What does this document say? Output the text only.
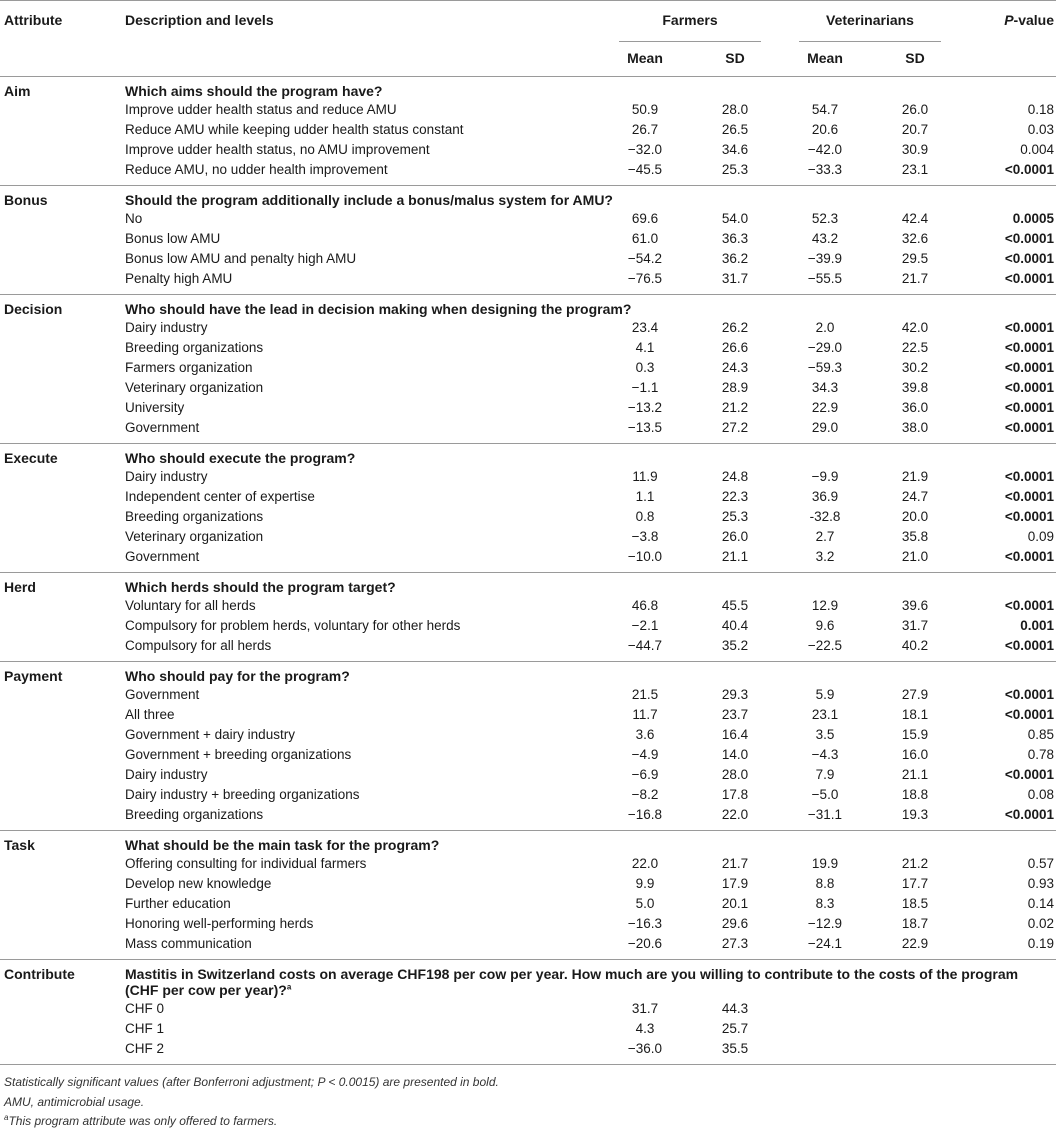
Attribute	Description and levels	Farmers		Veterinarians		P-value
		Mean	SD	Mean	SD	
Aim	Which aims should the program have?					
	Improve udder health status and reduce AMU	50.9	28.0	54.7	26.0	0.18
	Reduce AMU while keeping udder health status constant	26.7	26.5	20.6	20.7	0.03
	Improve udder health status, no AMU improvement	−32.0	34.6	−42.0	30.9	0.004
	Reduce AMU, no udder health improvement	−45.5	25.3	−33.3	23.1	<0.0001
Bonus	Should the program additionally include a bonus/malus system for AMU?					
	No	69.6	54.0	52.3	42.4	0.0005
	Bonus low AMU	61.0	36.3	43.2	32.6	<0.0001
	Bonus low AMU and penalty high AMU	−54.2	36.2	−39.9	29.5	<0.0001
	Penalty high AMU	−76.5	31.7	−55.5	21.7	<0.0001
Decision	Who should have the lead in decision making when designing the program?					
	Dairy industry	23.4	26.2	2.0	42.0	<0.0001
	Breeding organizations	4.1	26.6	−29.0	22.5	<0.0001
	Farmers organization	0.3	24.3	−59.3	30.2	<0.0001
	Veterinary organization	−1.1	28.9	34.3	39.8	<0.0001
	University	−13.2	21.2	22.9	36.0	<0.0001
	Government	−13.5	27.2	29.0	38.0	<0.0001
Execute	Who should execute the program?					
	Dairy industry	11.9	24.8	−9.9	21.9	<0.0001
	Independent center of expertise	1.1	22.3	36.9	24.7	<0.0001
	Breeding organizations	0.8	25.3	-32.8	20.0	<0.0001
	Veterinary organization	−3.8	26.0	2.7	35.8	0.09
	Government	−10.0	21.1	3.2	21.0	<0.0001
Herd	Which herds should the program target?					
	Voluntary for all herds	46.8	45.5	12.9	39.6	<0.0001
	Compulsory for problem herds, voluntary for other herds	−2.1	40.4	9.6	31.7	0.001
	Compulsory for all herds	−44.7	35.2	−22.5	40.2	<0.0001
Payment	Who should pay for the program?					
	Government	21.5	29.3	5.9	27.9	<0.0001
	All three	11.7	23.7	23.1	18.1	<0.0001
	Government + dairy industry	3.6	16.4	3.5	15.9	0.85
	Government + breeding organizations	−4.9	14.0	−4.3	16.0	0.78
	Dairy industry	−6.9	28.0	7.9	21.1	<0.0001
	Dairy industry + breeding organizations	−8.2	17.8	−5.0	18.8	0.08
	Breeding organizations	−16.8	22.0	−31.1	19.3	<0.0001
Task	What should be the main task for the program?					
	Offering consulting for individual farmers	22.0	21.7	19.9	21.2	0.57
	Develop new knowledge	9.9	17.9	8.8	17.7	0.93
	Further education	5.0	20.1	8.3	18.5	0.14
	Honoring well-performing herds	−16.3	29.6	−12.9	18.7	0.02
	Mass communication	−20.6	27.3	−24.1	22.9	0.19
Contribute	Mastitis in Switzerland costs on average CHF198 per cow per year. How much are you willing to contribute to the costs of the program (CHF per cow per year)?$^a$
	CHF 0	31.7	44.3			
	CHF 1	4.3	25.7			
	CHF 2	−36.0	35.5			
Statistically significant values (after Bonferroni adjustment; P < 0.0015) are presented in bold.
AMU, antimicrobial usage.
$^a$This program attribute was only offered to farmers.
